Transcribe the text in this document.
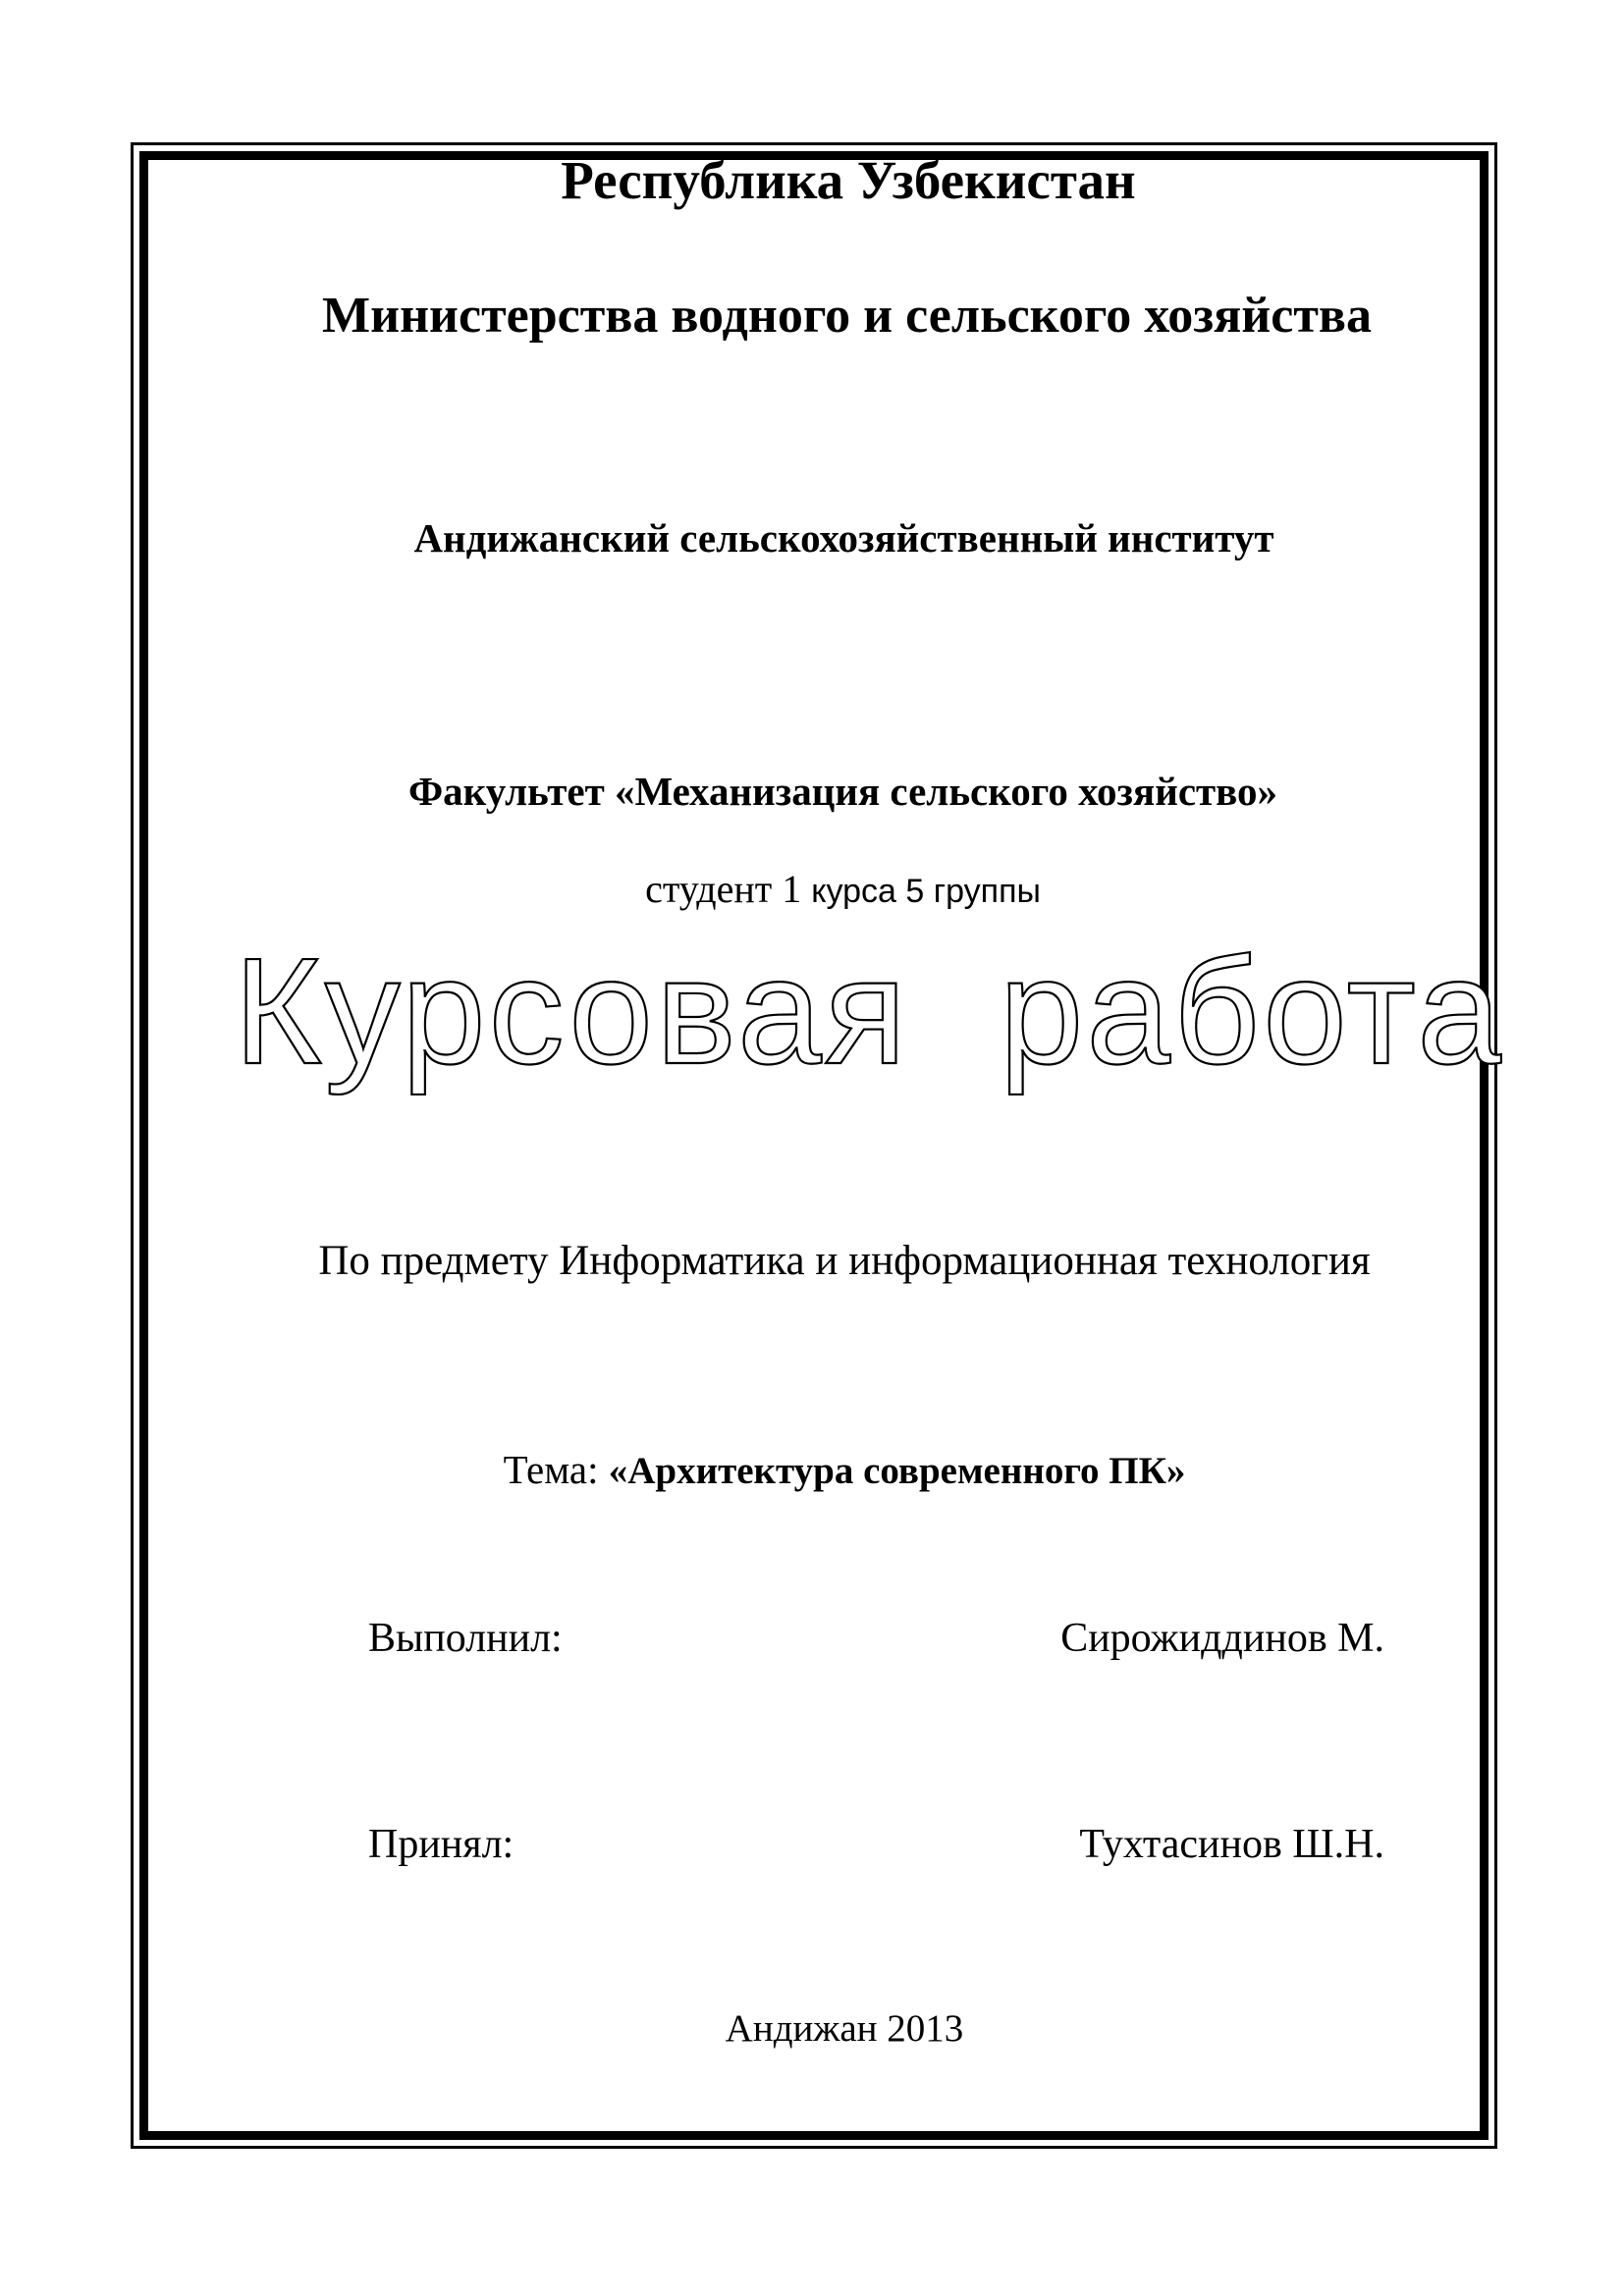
Республика Узбекистан
Министерства водного и сельского хозяйства
Андижанский сельскохозяйственный институт
Факультет «Механизация сельского хозяйство»
студент 1 курса 5 группы
Курсовая  работа
По предмету Информатика и информационная технология
Тема: «Архитектура современного ПК»
Выполнил:	Сирожиддинов М.
Принял:	Тухтасинов Ш.Н.
Андижан 2013
